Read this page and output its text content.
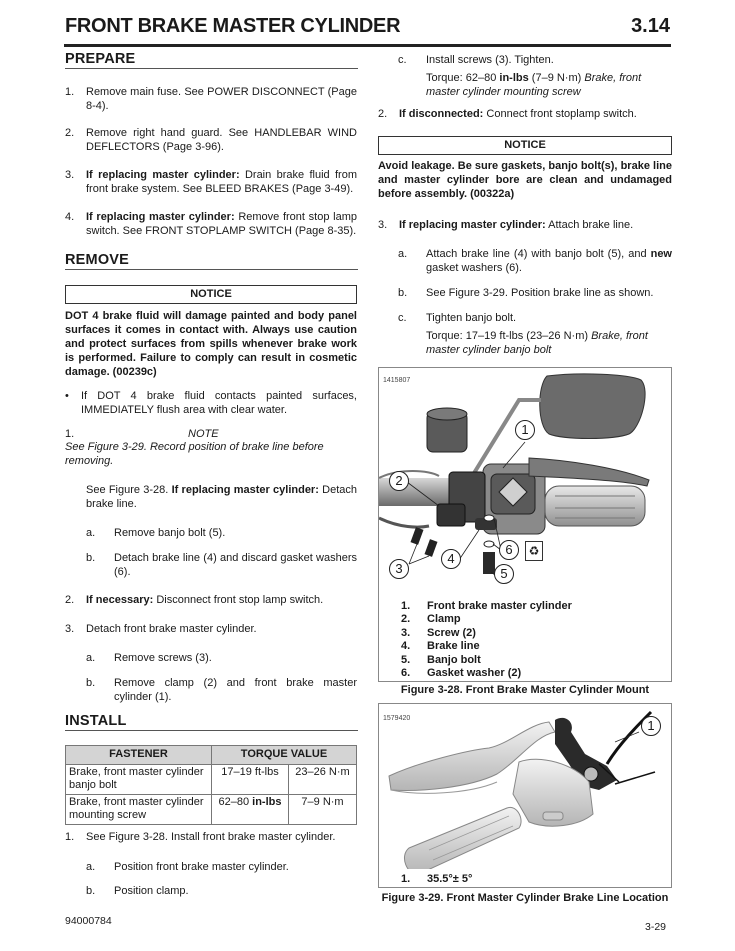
FRONT BRAKE MASTER CYLINDER	3.14
PREPARE
1.	Remove main fuse. See POWER DISCONNECT (Page 8-4).
2.	Remove right hand guard. See HANDLEBAR WIND DEFLECTORS (Page 3-96).
3.	If replacing master cylinder: Drain brake fluid from front brake system. See BLEED BRAKES (Page 3-49).
4.	If replacing master cylinder: Remove front stop lamp switch. See FRONT STOPLAMP SWITCH (Page 8-35).
REMOVE
NOTICE
DOT 4 brake fluid will damage painted and body panel surfaces it comes in contact with. Always use caution and protect surfaces from spills whenever brake work is performed. Failure to comply can result in cosmetic damage. (00239c)
•	If DOT 4 brake fluid contacts painted surfaces, IMMEDIATELY flush area with clear water.
1.	NOTE
See Figure 3-29. Record position of brake line before removing.
See Figure 3-28. If replacing master cylinder: Detach brake line.
a.	Remove banjo bolt (5).
b.	Detach brake line (4) and discard gasket washers (6).
2.	If necessary: Disconnect front stop lamp switch.
3.	Detach front brake master cylinder.
a.	Remove screws (3).
b.	Remove clamp (2) and front brake master cylinder (1).
INSTALL
FASTENER	TORQUE VALUE	
Brake, front master cylinder banjo bolt	17–19 ft-lbs	23–26 N·m
Brake, front master cylinder mounting screw	62–80 in-lbs	7–9 N·m
1.	See Figure 3-28. Install front brake master cylinder.
a.	Position front brake master cylinder.
b.	Position clamp.
94000784
c.	Install screws (3). Tighten.
Torque: 62–80 in-lbs (7–9 N·m) Brake, front master cylinder mounting screw
2.	If disconnected: Connect front stoplamp switch.
NOTICE
Avoid leakage. Be sure gaskets, banjo bolt(s), brake line and master cylinder bore are clean and undamaged before assembly. (00322a)
3.	If replacing master cylinder: Attach brake line.
a.	Attach brake line (4) with banjo bolt (5), and new gasket washers (6).
b.	See Figure 3-29. Position brake line as shown.
c.	Tighten banjo bolt.
Torque: 17–19 ft-lbs (23–26 N·m) Brake, front master cylinder banjo bolt
1415807
1
2
3
4
5
6	♻
1.	Front brake master cylinder
2.	Clamp
3.	Screw (2)
4.	Brake line
5.	Banjo bolt
6.	Gasket washer (2)
Figure 3-28. Front Brake Master Cylinder Mount
1579420	1
1.	35.5°± 5°
Figure 3-29. Front Master Cylinder Brake Line Location
3-29
